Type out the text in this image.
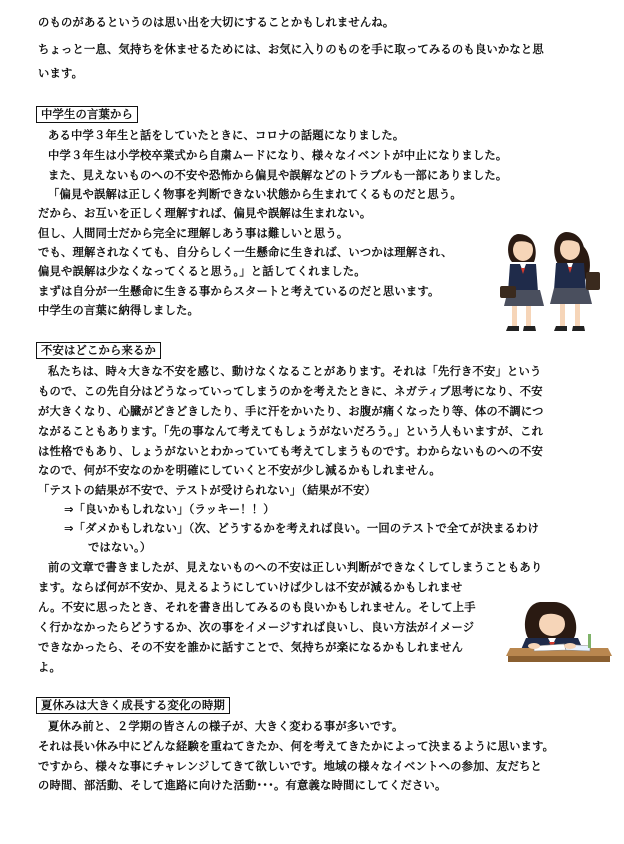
のものがあるというのは思い出を大切にすることかもしれませんね。
ちょっと一息、気持ちを休ませるためには、お気に入りのものを手に取ってみるのも良いかなと思
います。
中学生の言葉から
ある中学３年生と話をしていたときに、コロナの話題になりました。
中学３年生は小学校卒業式から自粛ムードになり、様々なイベントが中止になりました。
また、見えないものへの不安や恐怖から偏見や誤解などのトラブルも一部にありました。
「偏見や誤解は正しく物事を判断できない状態から生まれてくるものだと思う。
だから、お互いを正しく理解すれば、偏見や誤解は生まれない。
但し、人間同士だから完全に理解しあう事は難しいと思う。
でも、理解されなくても、自分らしく一生懸命に生きれば、いつかは理解され、
偏見や誤解は少なくなってくると思う。」と話してくれました。
まずは自分が一生懸命に生きる事からスタートと考えているのだと思います。
中学生の言葉に納得しました。
不安はどこから来るか
私たちは、時々大きな不安を感じ、動けなくなることがあります。それは「先行き不安」という
もので、この先自分はどうなっていってしまうのかを考えたときに、ネガティブ思考になり、不安
が大きくなり、心臓がどきどきしたり、手に汗をかいたり、お腹が痛くなったり等、体の不調につ
ながることもあります。「先の事なんて考えてもしょうがないだろう。」という人もいますが、これ
は性格でもあり、しょうがないとわかっていても考えてしまうものです。わからないものへの不安
なので、何が不安なのかを明確にしていくと不安が少し減るかもしれません。
「テストの結果が不安で、テストが受けられない」（結果が不安）
⇒「良いかもしれない」（ラッキー！！）
⇒「ダメかもしれない」（次、どうするかを考えれば良い。一回のテストで全てが決まるわけ
ではない。）
前の文章で書きましたが、見えないものへの不安は正しい判断ができなくしてしまうこともあり
ます。ならば何が不安か、見えるようにしていけば少しは不安が減るかもしれませ
ん。不安に思ったとき、それを書き出してみるのも良いかもしれません。そして上手
く行かなかったらどうするか、次の事をイメージすれば良いし、良い方法がイメージ
できなかったら、その不安を誰かに話すことで、気持ちが楽になるかもしれません
よ。
夏休みは大きく成長する変化の時期
夏休み前と、２学期の皆さんの様子が、大きく変わる事が多いです。
それは長い休み中にどんな経験を重ねてきたか、何を考えてきたかによって決まるように思います。
ですから、様々な事にチャレンジしてきて欲しいです。地域の様々なイベントへの参加、友だちと
の時間、部活動、そして進路に向けた活動･･･。有意義な時間にしてください。
